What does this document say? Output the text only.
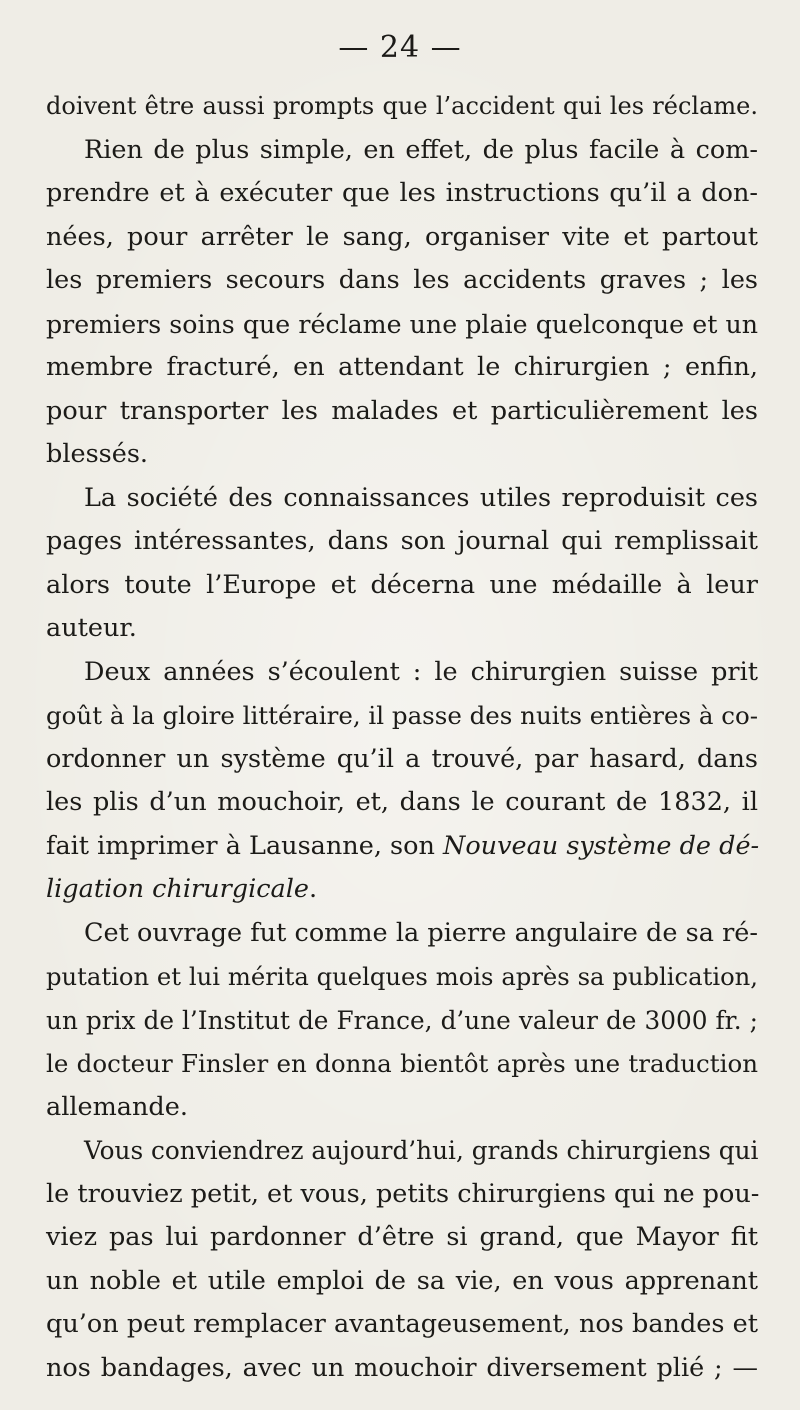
— 24 —
doivent être aussi prompts que l’accident qui les réclame.
Rien de plus simple, en effet, de plus facile à com-
prendre et à exécuter que les instructions qu’il a don-
nées, pour arrêter le sang, organiser vite et partout
les premiers secours dans les accidents graves ; les
premiers soins que réclame une plaie quelconque et un
membre fracturé, en attendant le chirurgien ; enfin,
pour transporter les malades et particulièrement les
blessés.
La société des connaissances utiles reproduisit ces
pages intéressantes, dans son journal qui remplissait
alors toute l’Europe et décerna une médaille à leur
auteur.
Deux années s’écoulent : le chirurgien suisse prit
goût à la gloire littéraire, il passe des nuits entières à co-
ordonner un système qu’il a trouvé, par hasard, dans
les plis d’un mouchoir, et, dans le courant de 1832, il
fait imprimer à Lausanne, son Nouveau système de dé-
ligation chirurgicale.
Cet ouvrage fut comme la pierre angulaire de sa ré-
putation et lui mérita quelques mois après sa publication,
un prix de l’Institut de France, d’une valeur de 3000 fr. ;
le docteur Finsler en donna bientôt après une traduction
allemande.
Vous conviendrez aujourd’hui, grands chirurgiens qui
le trouviez petit, et vous, petits chirurgiens qui ne pou-
viez pas lui pardonner d’être si grand, que Mayor fit
un noble et utile emploi de sa vie, en vous apprenant
qu’on peut remplacer avantageusement, nos bandes et
nos bandages, avec un mouchoir diversement plié ; —
